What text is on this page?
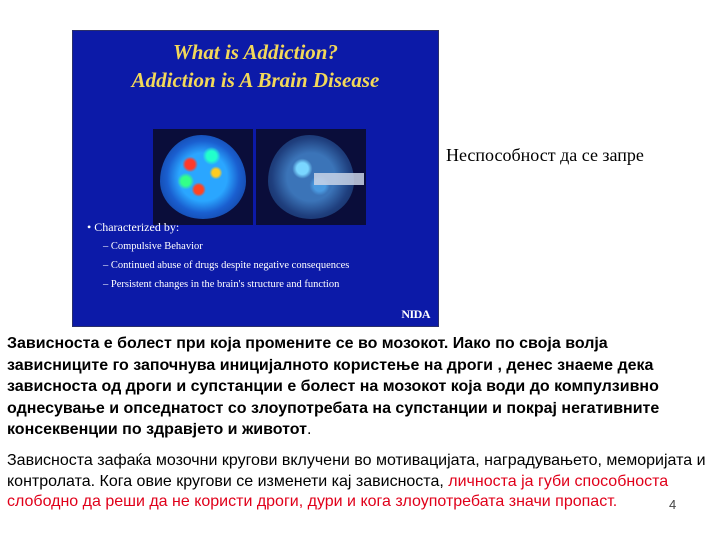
What is Addiction?
Addiction is A Brain Disease

• Characterized by:

– Compulsive Behavior

– Continued abuse of drugs despite negative consequences

– Persistent changes in the brain's structure and function

NIDA
Неспособност да се запре

Зависноста е болест при која промените се во мозокот. Иако по своја волја зависниците го започнува иницијалното користење на дроги , денес знаеме дека зависноста од дроги и супстанции е болест на мозокот која води до компулзивно однесување и опседнатост со злоупотребата на супстанции и покрај негативните консеквенции по здравјето и животот.

Зависноста зафаќа мозочни кругови вклучени во мотивацијата, наградувањето, меморијата и контролата. Кога овие кругови се изменети кај зависноста, личноста ја губи способноста слободно да реши да не користи дроги, дури и кога злоупотребата значи пропаст.	4
